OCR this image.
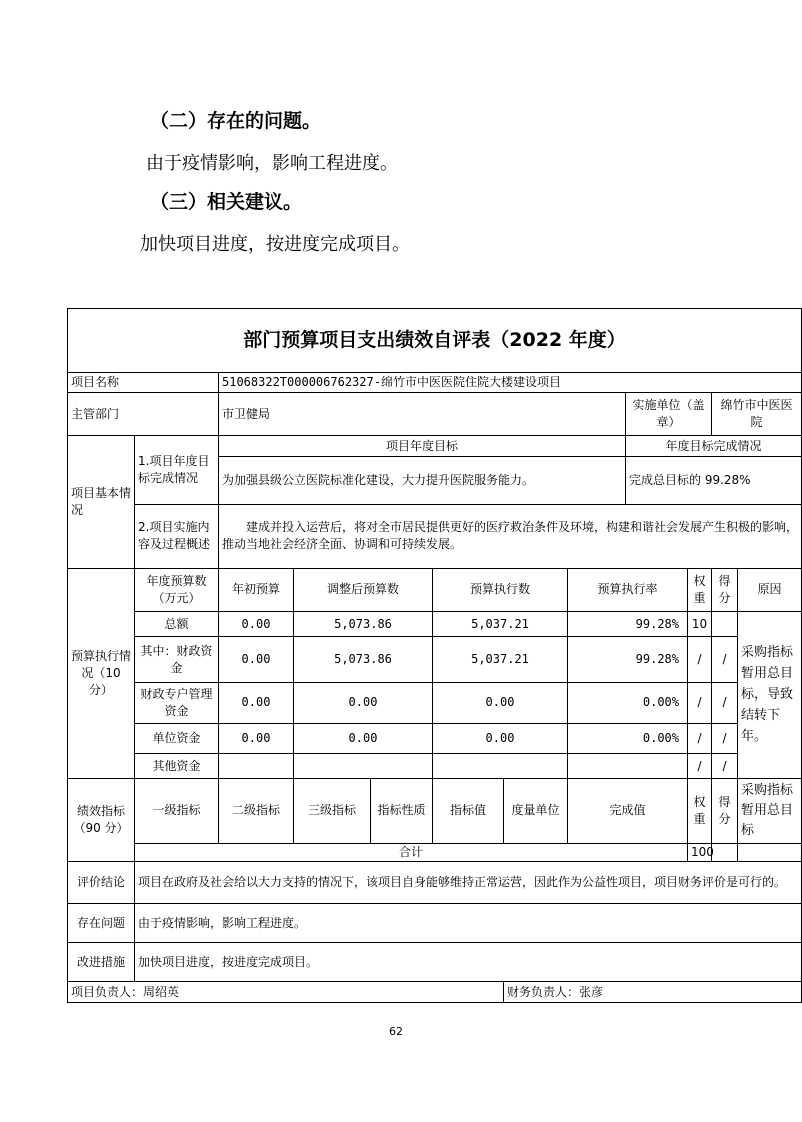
（二）存在的问题。
由于疫情影响，影响工程进度。
（三）相关建议。
加快项目进度，按进度完成项目。
部门预算项目支出绩效自评表（2022 年度）											
项目名称		51068322T000006762327-绵竹市中医医院住院大楼建设项目									
主管部门		市卫健局						实施单位（盖章）		绵竹市中医医院	
项目基本情况	1.项目年度目标完成情况	项目年度目标						年度目标完成情况			
		为加强县级公立医院标准化建设，大力提升医院服务能力。						完成总目标的 99.28%			
	2.项目实施内容及过程概述	建成并投入运营后，将对全市居民提供更好的医疗救治条件及环境，构建和谐社会发展产生积极的影响，推动当地社会经济全面、协调和可持续发展。									
预算执行情况（10 分）	年度预算数（万元）	年初预算	调整后预算数		预算执行数		预算执行率		权重	得分	原因
	总额	0.00	5,073.86		5,037.21		99.28%		10		采购指标暂用总目标，导致结转下年。
	其中：财政资金	0.00	5,073.86		5,037.21		99.28%		/	/	
	财政专户管理资金	0.00	0.00		0.00		0.00%		/	/	
	单位资金	0.00	0.00		0.00		0.00%		/	/	
	其他资金								/	/	
绩效指标（90 分）	一级指标	二级指标	三级指标	指标性质	指标值	度量单位	完成值		权重	得分	采购指标暂用总目标
	合计								100		
评价结论	项目在政府及社会给以大力支持的情况下，该项目自身能够维持正常运营，因此作为公益性项目，项目财务评价是可行的。										
存在问题	由于疫情影响，影响工程进度。										
改进措施	加快项目进度，按进度完成项目。										
项目负责人：周绍英						财务负责人：张彦					
62
